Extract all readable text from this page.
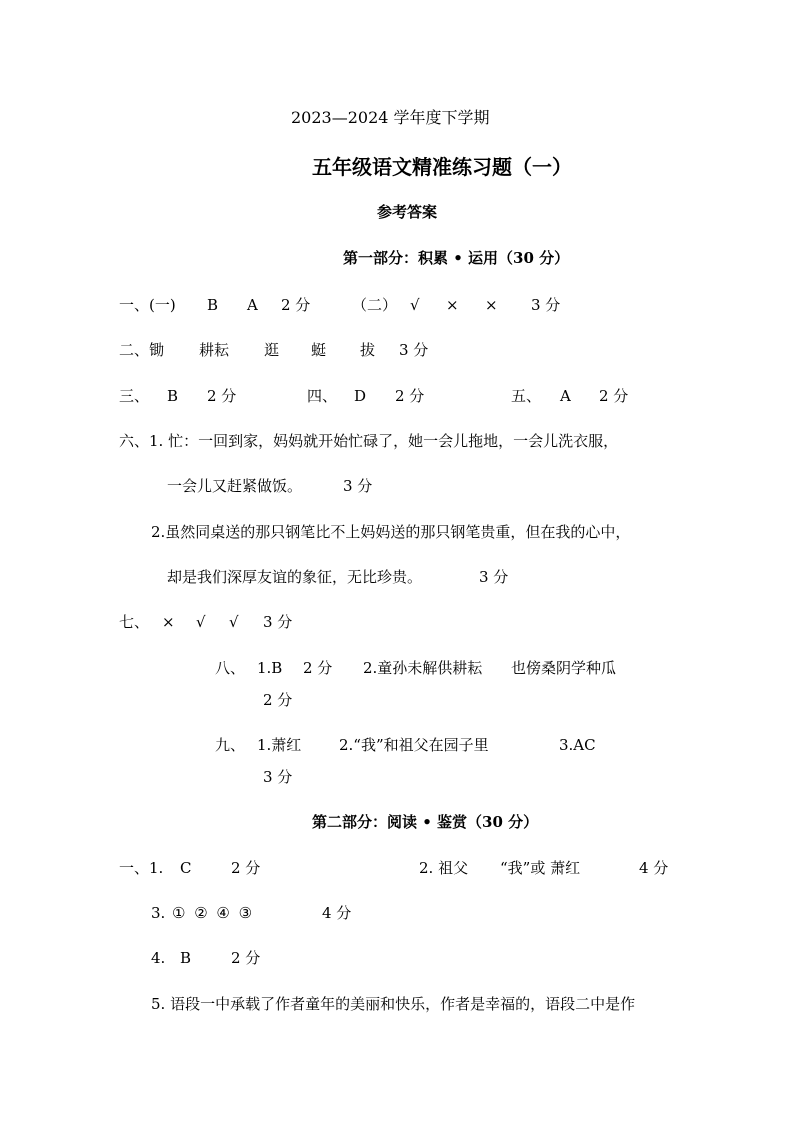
2023—2024 学年度下学期
五年级语文精准练习题（一）
参考答案
第一部分：积累 • 运用（30 分）
一、(一) B A 2 分	（二） √ × × 3 分
二、锄 耕耘 逛 蜓 拔 3 分
三、 B 2 分	四、 D 2 分	五、 A 2 分
六、1. 忙：一回到家，妈妈就开始忙碌了，她一会儿拖地，一会儿洗衣服，
一会儿又赶紧做饭。	3 分
2.虽然同桌送的那只钢笔比不上妈妈送的那只钢笔贵重，但在我的心中，
却是我们深厚友谊的象征，无比珍贵。	3 分
七、 × √ √ 3 分
八、 1.B 2 分 2.童孙未解供耕耘 也傍桑阴学种瓜
2 分
九、 1.萧红	2.“我”和祖父在园子里	3.AC
3 分
第二部分：阅读 • 鉴赏（30 分）
一、1. C	2 分	2. 祖父 “我”或 萧红	4 分
3. ① ② ④ ③	4 分
4. B	2 分
5. 语段一中承载了作者童年的美丽和快乐，作者是幸福的，语段二中是作
